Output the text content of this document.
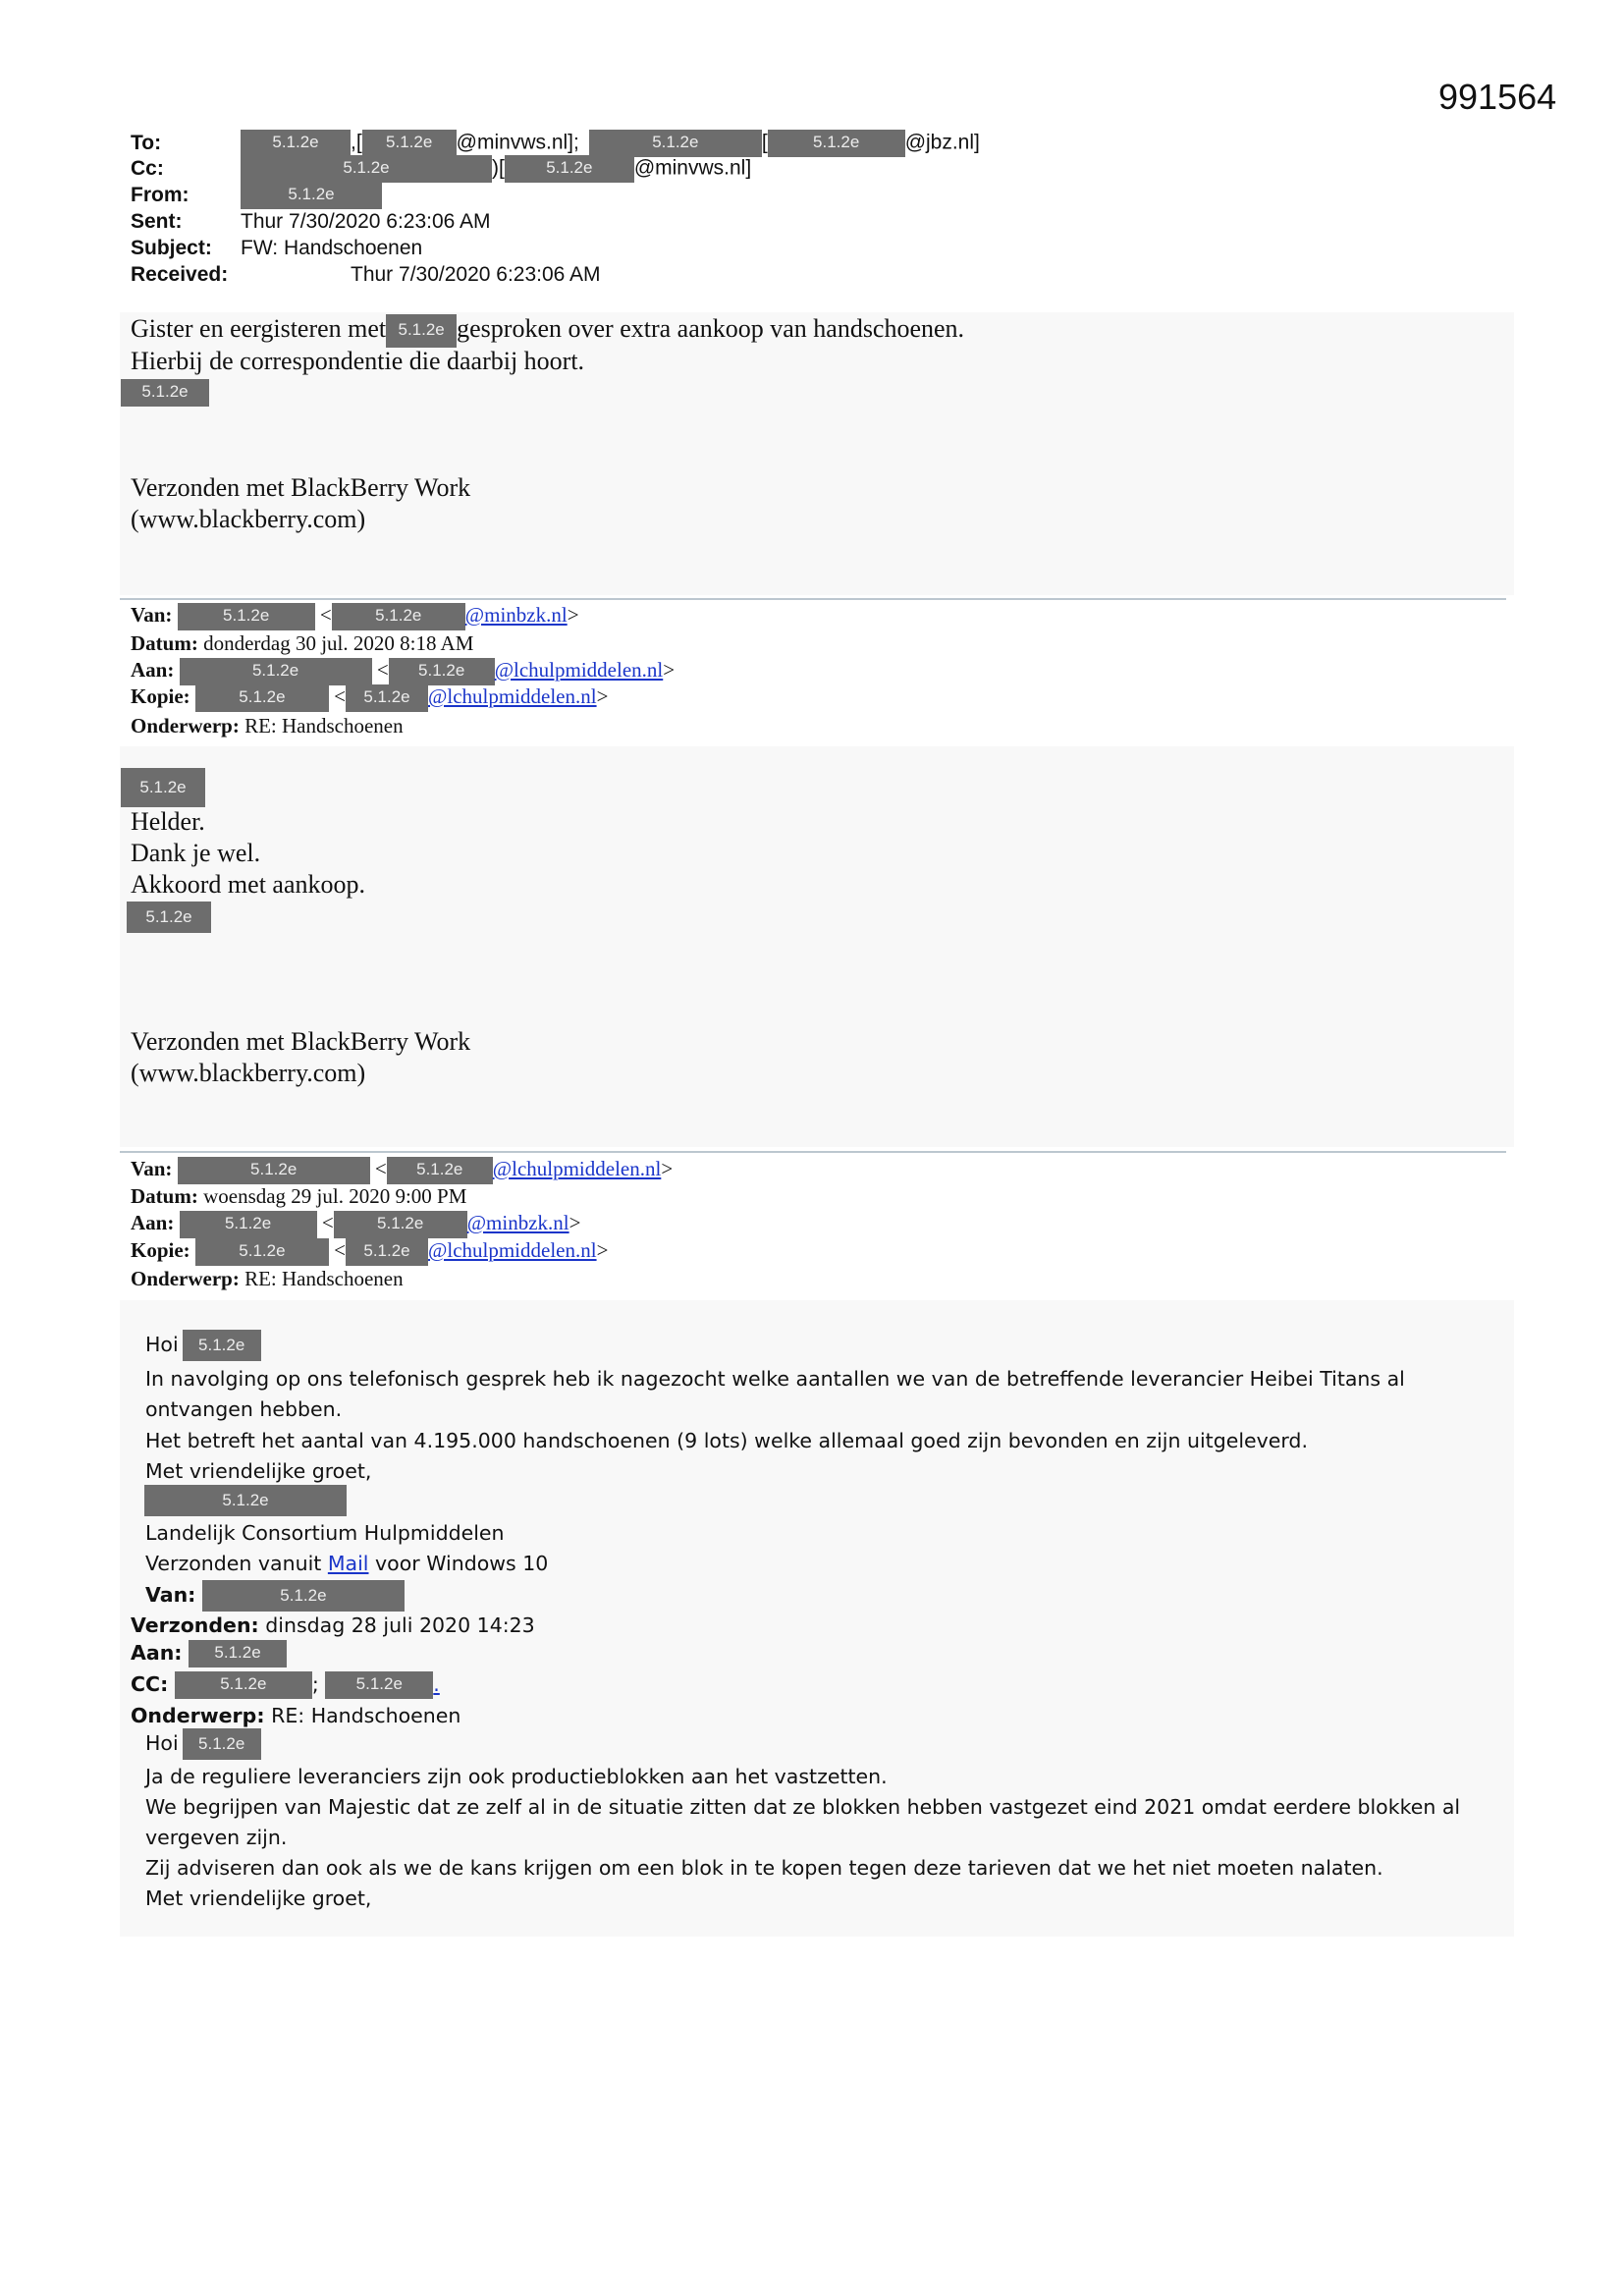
991564
To:	5.1.2e ,[ 5.1.2e @minvws.nl];	5.1.2e	[	5.1.2e @jbz.nl]
Cc:	5.1.2e	)[ 5.1.2e @minvws.nl]
From:	5.1.2e
Sent:	Thur 7/30/2020 6:23:06 AM
Subject: FW: Handschoenen
Received:	Thur 7/30/2020 6:23:06 AM
Gister en eergisteren met 5.1.2e gesproken over extra aankoop van handschoenen.
Hierbij de correspondentie die daarbij hoort.
5.1.2e
Verzonden met BlackBerry Work
(www.blackberry.com)
Van:	5.1.2e <	5.1.2e @minbzk.nl>
Datum: donderdag 30 jul. 2020 8:18 AM
Aan:	5.1.2e	< 5.1.2e @lchulpmiddelen.nl>
Kopie:	5.1.2e < 5.1.2e @lchulpmiddelen.nl>
Onderwerp: RE: Handschoenen
5.1.2e
Helder.
Dank je wel.
Akkoord met aankoop.
5.1.2e
Verzonden met BlackBerry Work
(www.blackberry.com)
Van:	5.1.2e	< 5.1.2e @lchulpmiddelen.nl>
Datum: woensdag 29 jul. 2020 9:00 PM
Aan:	5.1.2e <	5.1.2e @minbzk.nl>
Kopie:	5.1.2e < 5.1.2e @lchulpmiddelen.nl>
Onderwerp: RE: Handschoenen
Hoi 5.1.2e
In navolging op ons telefonisch gesprek heb ik nagezocht welke aantallen we van de betreffende leverancier Heibei Titans al
ontvangen hebben.
Het betreft het aantal van 4.195.000 handschoenen (9 lots) welke allemaal goed zijn bevonden en zijn uitgeleverd.
Met vriendelijke groet,
5.1.2e
Landelijk Consortium Hulpmiddelen
Verzonden vanuit Mail voor Windows 10
Van:	5.1.2e
Verzonden: dinsdag 28 juli 2020 14:23
Aan: 5.1.2e
CC:	5.1.2e ; 5.1.2e .
Onderwerp: RE: Handschoenen
Hoi 5.1.2e
Ja de reguliere leveranciers zijn ook productieblokken aan het vastzetten.
We begrijpen van Majestic dat ze zelf al in de situatie zitten dat ze blokken hebben vastgezet eind 2021 omdat eerdere blokken al
vergeven zijn.
Zij adviseren dan ook als we de kans krijgen om een blok in te kopen tegen deze tarieven dat we het niet moeten nalaten.
Met vriendelijke groet,
